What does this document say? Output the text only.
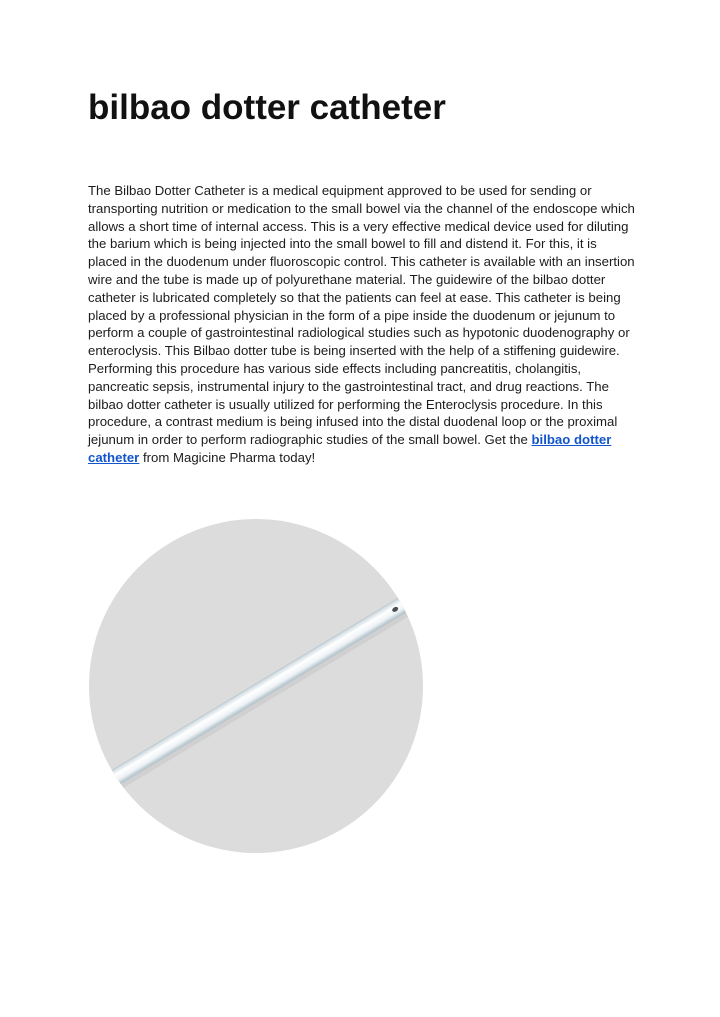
bilbao dotter catheter

The Bilbao Dotter Catheter is a medical equipment approved to be used for sending or transporting nutrition or medication to the small bowel via the channel of the endoscope which allows a short time of internal access. This is a very effective medical device used for diluting the barium which is being injected into the small bowel to fill and distend it. For this, it is placed in the duodenum under fluoroscopic control. This catheter is available with an insertion wire and the tube is made up of polyurethane material. The guidewire of the bilbao dotter catheter is lubricated completely so that the patients can feel at ease. This catheter is being placed by a professional physician in the form of a pipe inside the duodenum or jejunum to perform a couple of gastrointestinal radiological studies such as hypotonic duodenography or enteroclysis. This Bilbao dotter tube is being inserted with the help of a stiffening guidewire. Performing this procedure has various side effects including pancreatitis, cholangitis, pancreatic sepsis, instrumental injury to the gastrointestinal tract, and drug reactions. The bilbao dotter catheter is usually utilized for performing the Enteroclysis procedure. In this procedure, a contrast medium is being infused into the distal duodenal loop or the proximal jejunum in order to perform radiographic studies of the small bowel. Get the bilbao dotter catheter from Magicine Pharma today!
